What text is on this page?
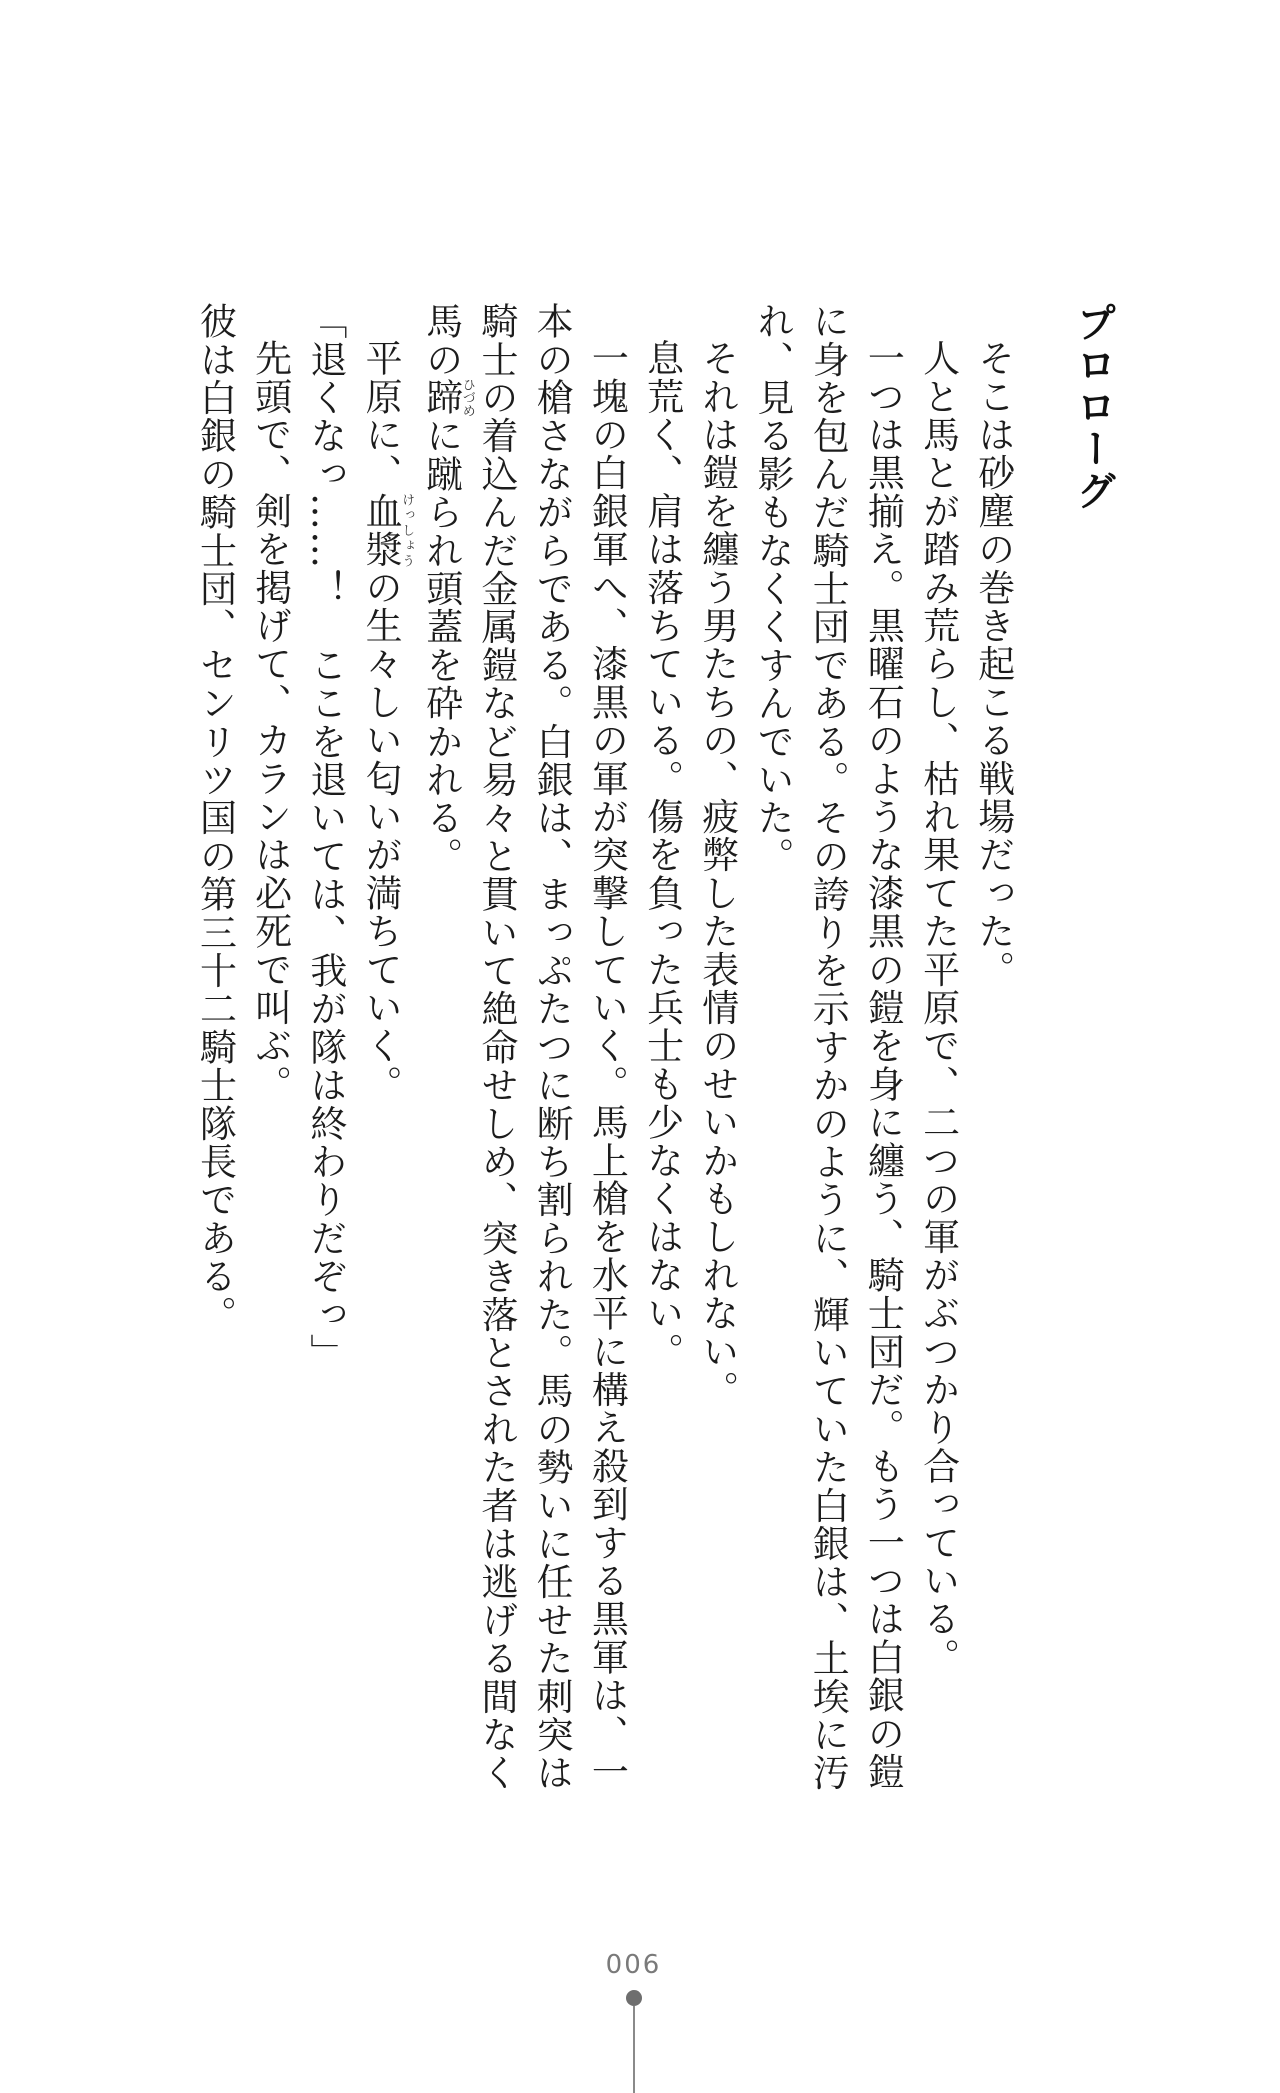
プロローグ

そこは砂塵の巻き起こる戦場だった。

人と馬とが踏み荒らし、枯れ果てた平原で、二つの軍がぶつかり合っている。

一つは黒揃え。黒曜石のような漆黒の鎧を身に纏う、騎士団だ。もう一つは白銀の鎧に身を包んだ騎士団である。その誇りを示すかのように、輝いていた白銀は、土埃に汚れ、見る影もなくくすんでいた。

それは鎧を纏う男たちの、疲弊した表情のせいかもしれない。

息荒く、肩は落ちている。傷を負った兵士も少なくはない。

一塊の白銀軍へ、漆黒の軍が突撃していく。馬上槍を水平に構え殺到する黒軍は、一本の槍さながらである。白銀は、まっぷたつに断ち割られた。馬の勢いに任せた刺突は騎士の着込んだ金属鎧など易々と貫いて絶命せしめ、突き落とされた者は逃げる間なく馬の蹄ひづめに蹴られ頭蓋を砕かれる。

平原に、血漿けっしょうの生々しい匂いが満ちていく。

「退くなっ……！　ここを退いては、我が隊は終わりだぞっ」

先頭で、剣を掲げて、カランは必死で叫ぶ。

彼は白銀の騎士団、センリツ国の第三十二騎士隊長である。

006
